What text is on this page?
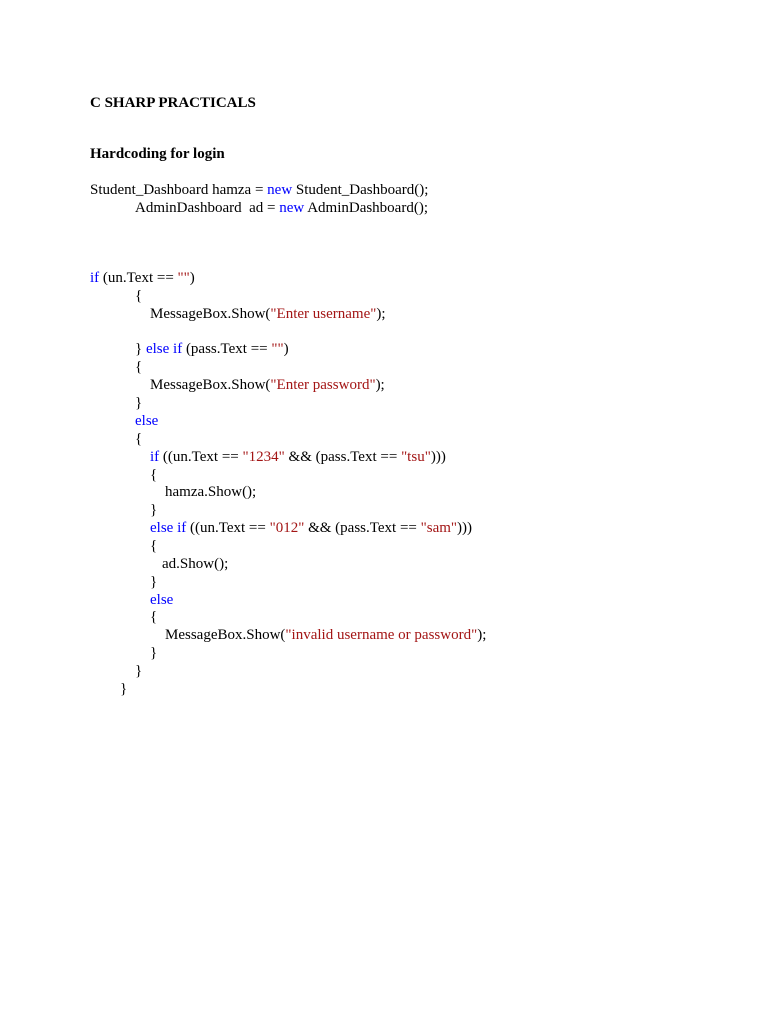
C SHARP PRACTICALS
Hardcoding for login
Student_Dashboard hamza = new Student_Dashboard();
AdminDashboard  ad = new AdminDashboard();
if (un.Text == "")
{
MessageBox.Show("Enter username");
} else if (pass.Text == "")
{
MessageBox.Show("Enter password");
}
else
{
if ((un.Text == "1234" && (pass.Text == "tsu")))
{
hamza.Show();
}
else if ((un.Text == "012" && (pass.Text == "sam")))
{
ad.Show();
}
else
{
MessageBox.Show("invalid username or password");
}
}
}
